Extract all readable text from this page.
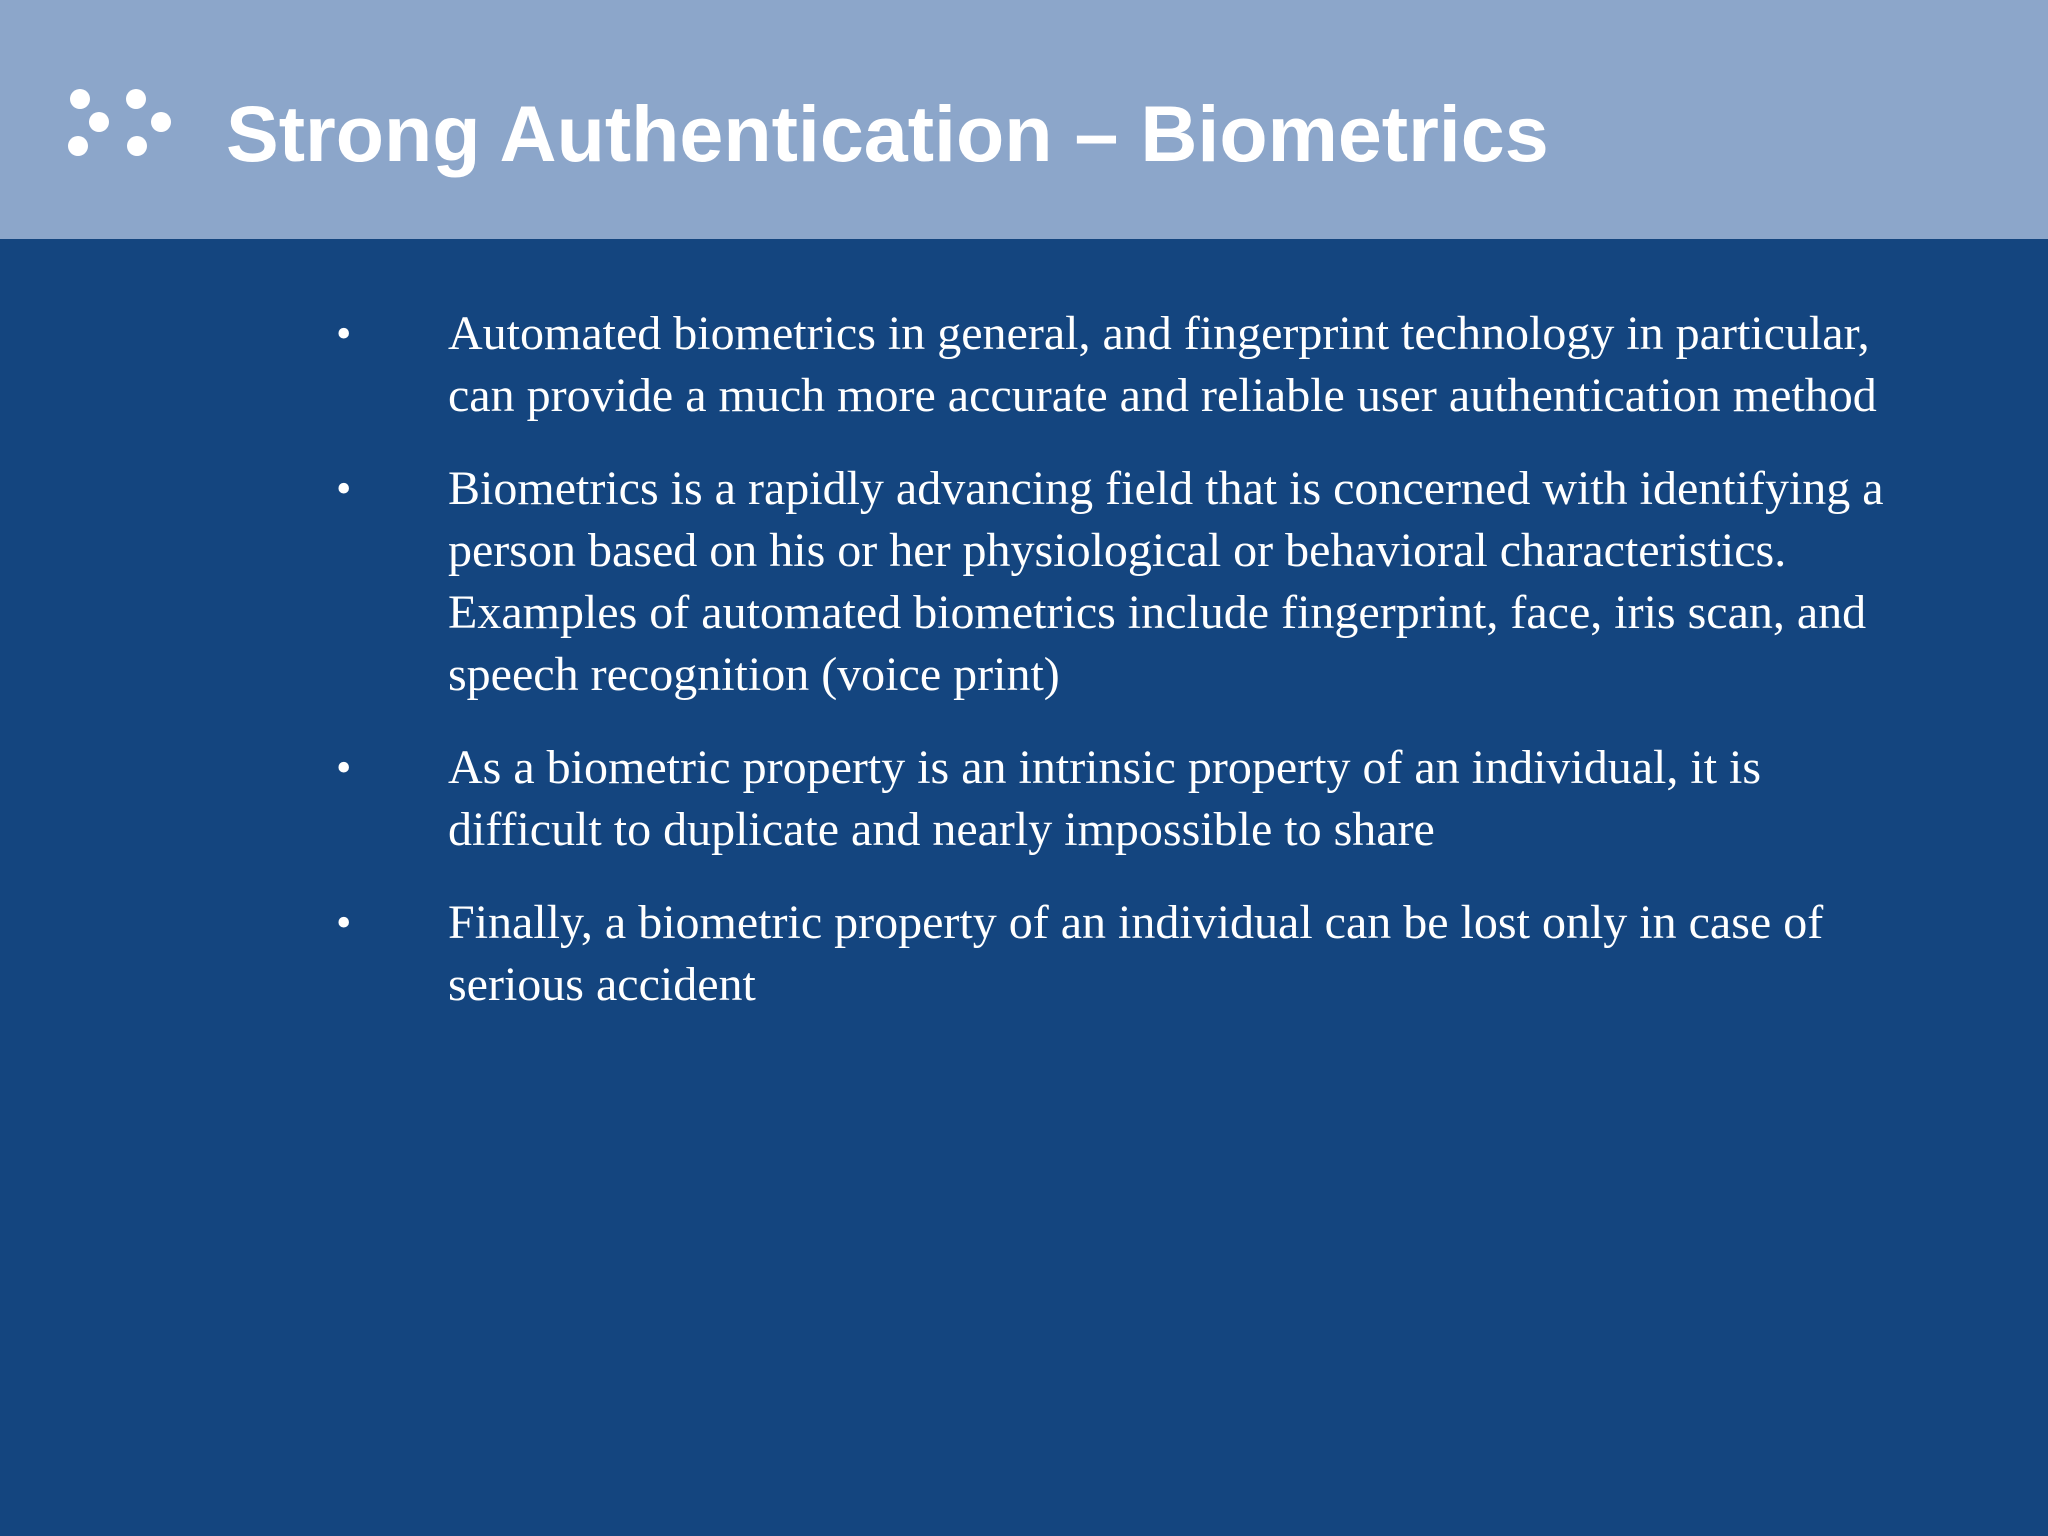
Strong Authentication – Biometrics
• Automated biometrics in general, and fingerprint technology in particular, can provide a much more accurate and reliable user authentication method
• Biometrics is a rapidly advancing field that is concerned with identifying a person based on his or her physiological or behavioral characteristics. Examples of automated biometrics include fingerprint, face, iris scan, and speech recognition (voice print)
• As a biometric property is an intrinsic property of an individual, it is difficult to duplicate and nearly impossible to share
• Finally, a biometric property of an individual can be lost only in case of serious accident
